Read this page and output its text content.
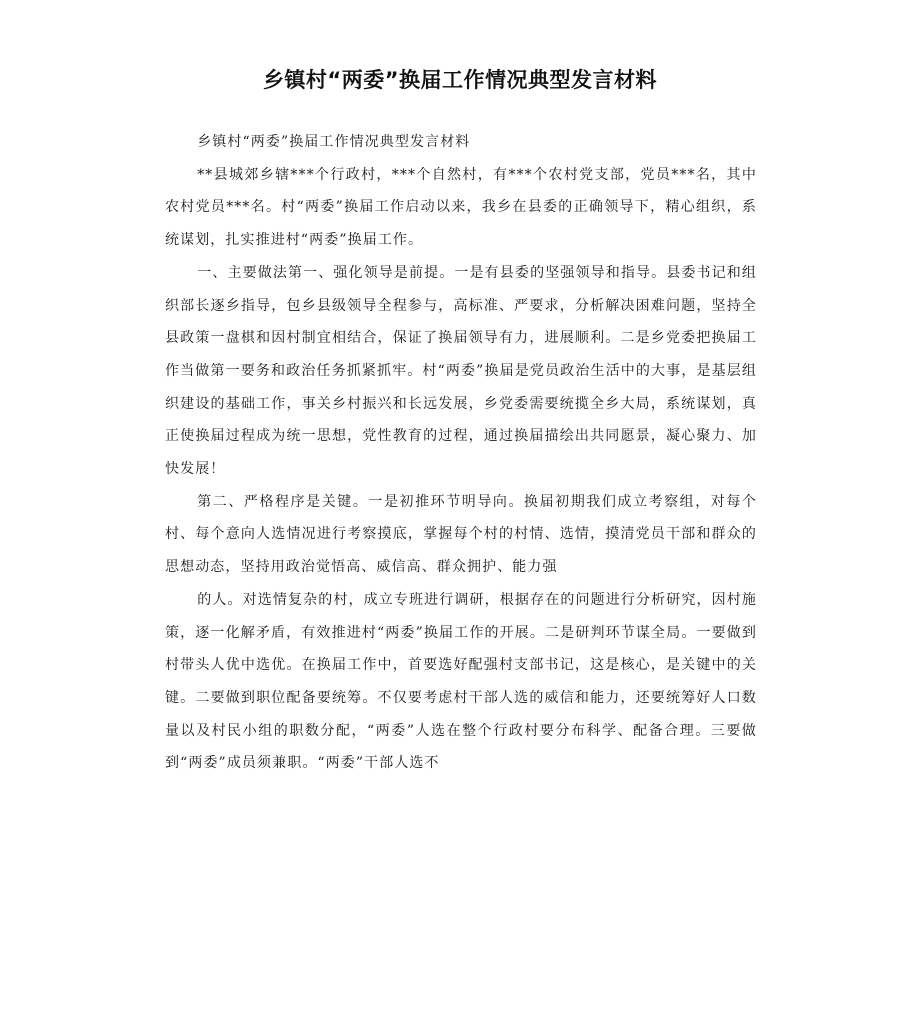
乡镇村“两委”换届工作情况典型发言材料

乡镇村“两委”换届工作情况典型发言材料

**县城郊乡辖***个行政村，***个自然村，有***个农村党支部，党员***名，其中农村党员***名。村“两委”换届工作启动以来，我乡在县委的正确领导下，精心组织，系统谋划，扎实推进村“两委”换届工作。

一、主要做法第一、强化领导是前提。一是有县委的坚强领导和指导。县委书记和组织部长逐乡指导，包乡县级领导全程参与，高标准、严要求，分析解决困难问题，坚持全县政策一盘棋和因村制宜相结合，保证了换届领导有力，进展顺利。二是乡党委把换届工作当做第一要务和政治任务抓紧抓牢。村“两委”换届是党员政治生活中的大事，是基层组织建设的基础工作，事关乡村振兴和长远发展，乡党委需要统揽全乡大局，系统谋划，真正使换届过程成为统一思想，党性教育的过程，通过换届描绘出共同愿景，凝心聚力、加快发展！

第二、严格程序是关键。一是初推环节明导向。换届初期我们成立考察组，对每个村、每个意向人选情况进行考察摸底，掌握每个村的村情、选情，摸清党员干部和群众的思想动态，坚持用政治觉悟高、威信高、群众拥护、能力强

的人。对选情复杂的村，成立专班进行调研，根据存在的问题进行分析研究，因村施策，逐一化解矛盾，有效推进村“两委”换届工作的开展。二是研判环节谋全局。一要做到村带头人优中选优。在换届工作中，首要选好配强村支部书记，这是核心，是关键中的关键。二要做到职位配备要统筹。不仅要考虑村干部人选的威信和能力，还要统筹好人口数量以及村民小组的职数分配，“两委”人选在整个行政村要分布科学、配备合理。三要做到“两委”成员须兼职。“两委”干部人选不
